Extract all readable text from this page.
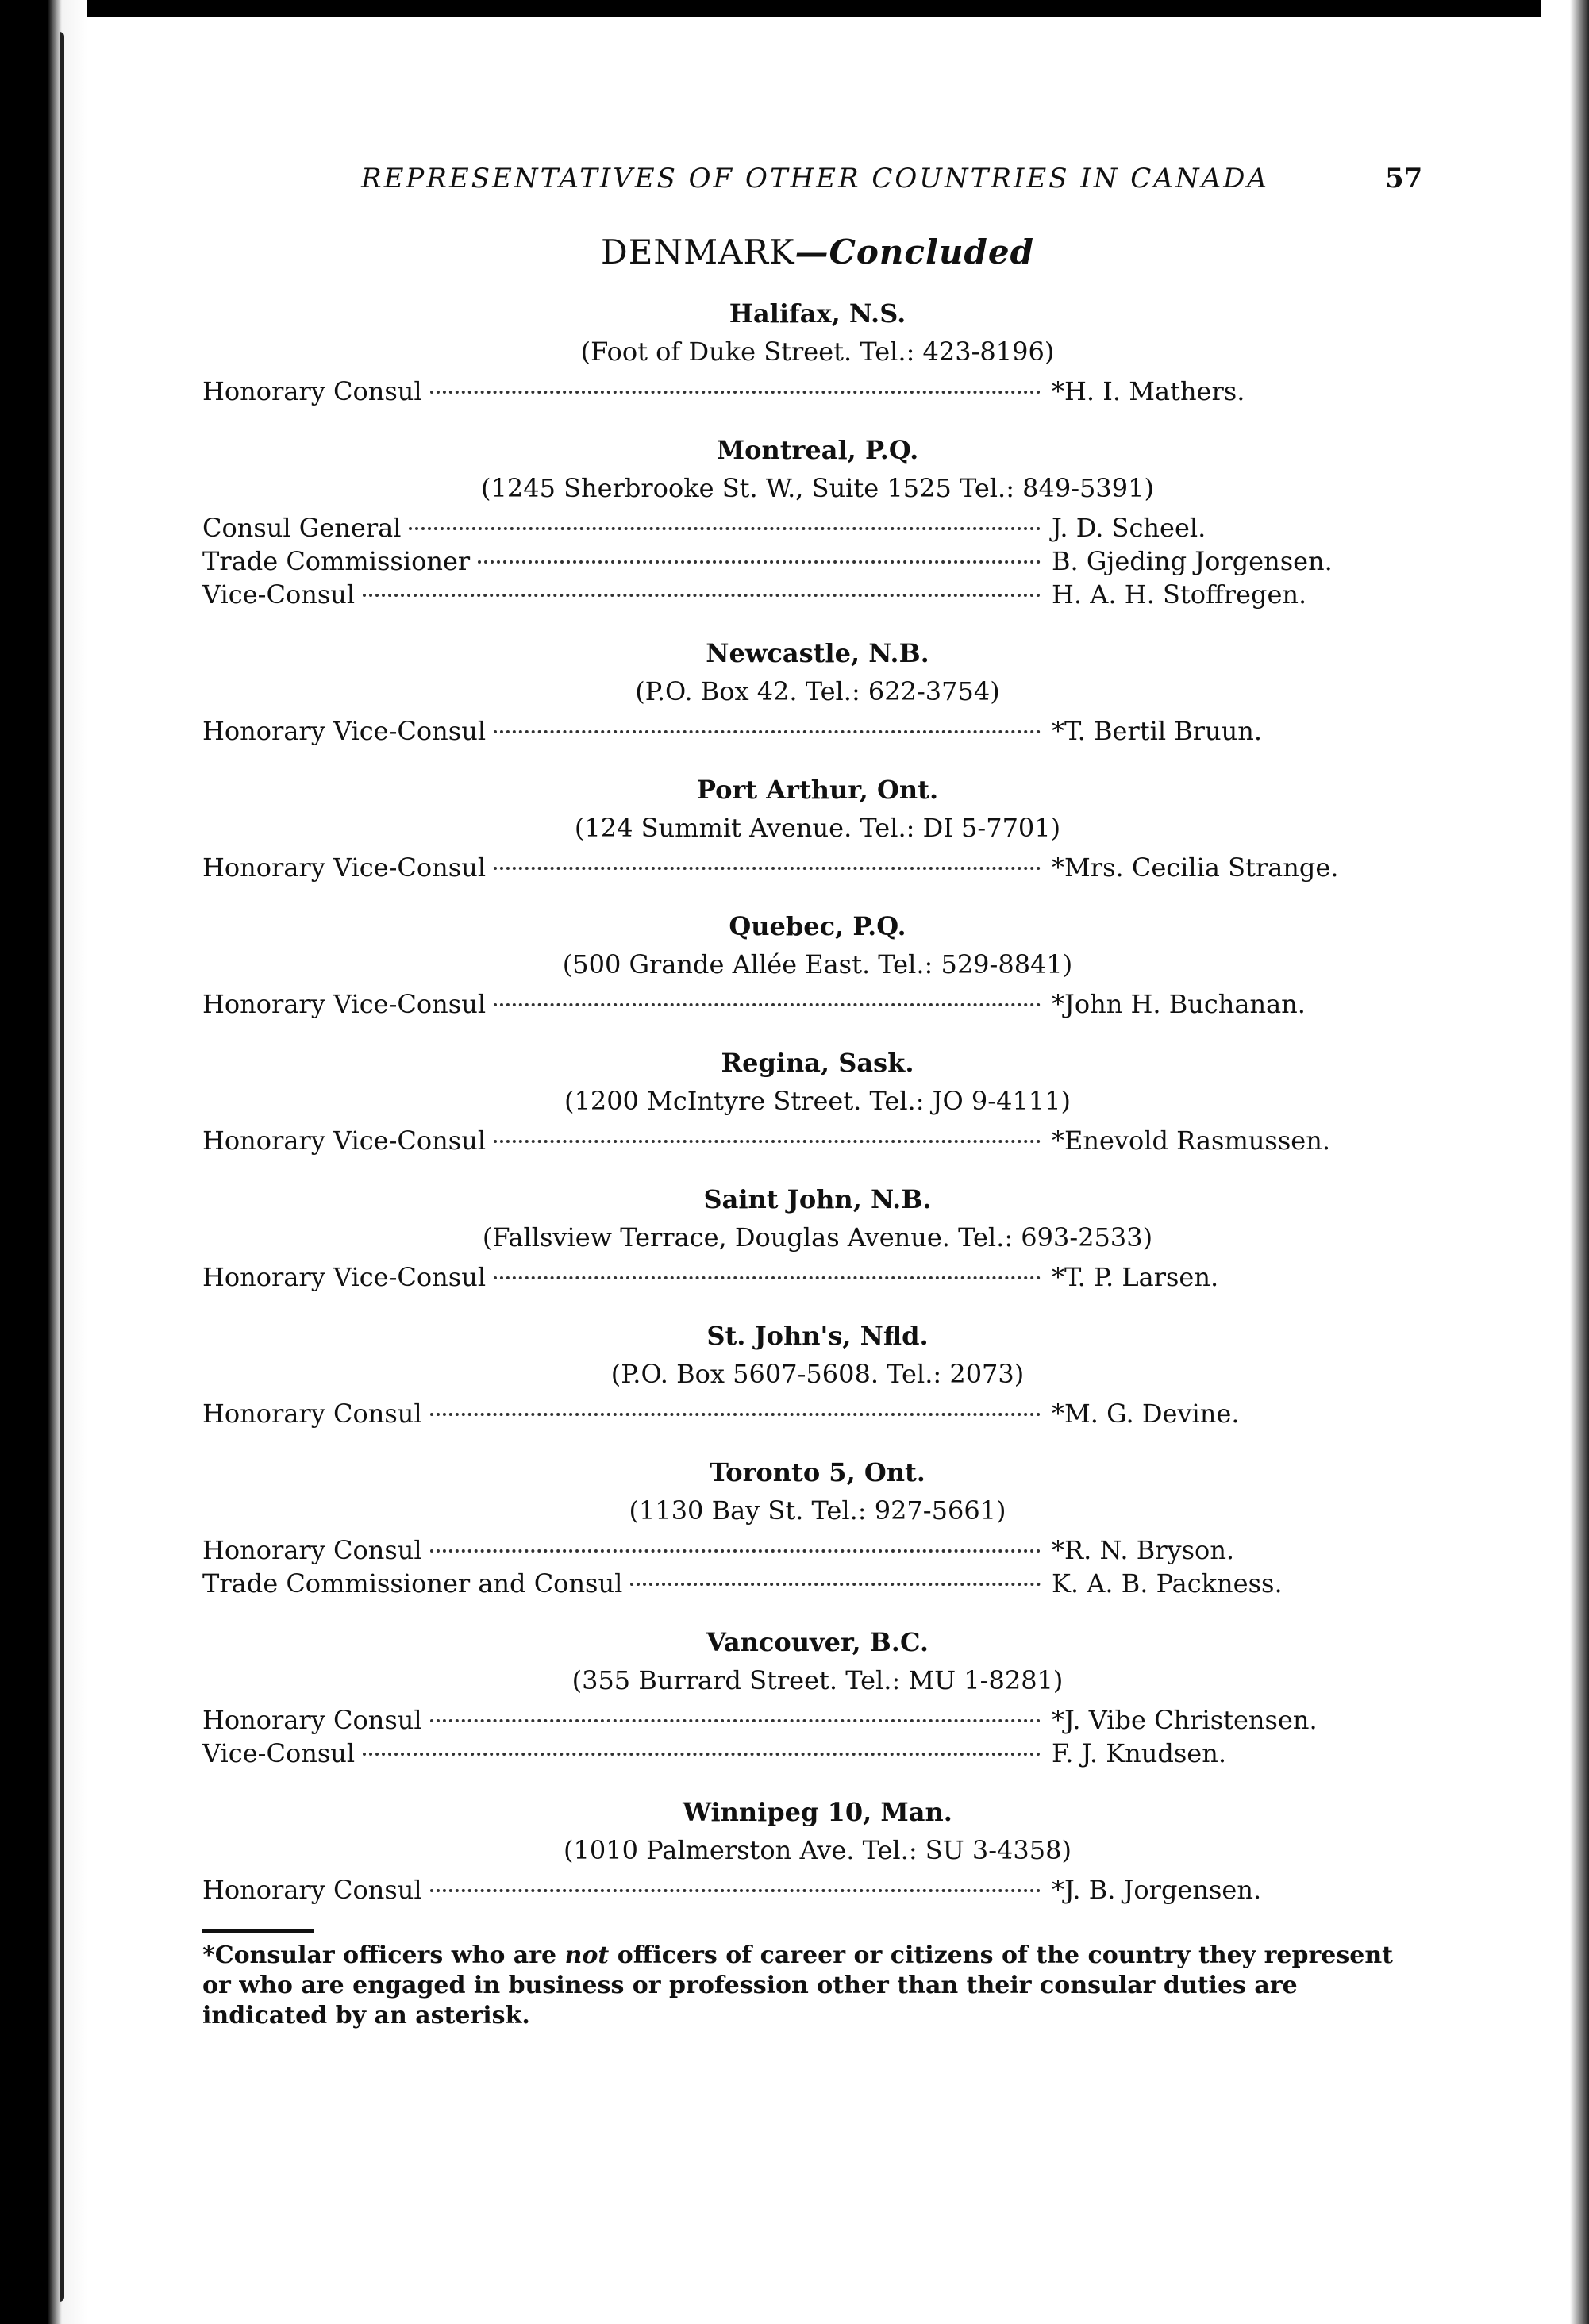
REPRESENTATIVES OF OTHER COUNTRIES IN CANADA	57
DENMARK—Concluded
Halifax, N.S.
(Foot of Duke Street. Tel.: 423-8196)
Honorary Consul	*H. I. Mathers.
Montreal, P.Q.
(1245 Sherbrooke St. W., Suite 1525 Tel.: 849-5391)
Consul General	J. D. Scheel.
Trade Commissioner	B. Gjeding Jorgensen.
Vice-Consul	H. A. H. Stoffregen.
Newcastle, N.B.
(P.O. Box 42. Tel.: 622-3754)
Honorary Vice-Consul	*T. Bertil Bruun.
Port Arthur, Ont.
(124 Summit Avenue. Tel.: DI 5-7701)
Honorary Vice-Consul	*Mrs. Cecilia Strange.
Quebec, P.Q.
(500 Grande Allée East. Tel.: 529-8841)
Honorary Vice-Consul	*John H. Buchanan.
Regina, Sask.
(1200 McIntyre Street. Tel.: JO 9-4111)
Honorary Vice-Consul	*Enevold Rasmussen.
Saint John, N.B.
(Fallsview Terrace, Douglas Avenue. Tel.: 693-2533)
Honorary Vice-Consul	*T. P. Larsen.
St. John's, Nfld.
(P.O. Box 5607-5608. Tel.: 2073)
Honorary Consul	*M. G. Devine.
Toronto 5, Ont.
(1130 Bay St. Tel.: 927-5661)
Honorary Consul	*R. N. Bryson.
Trade Commissioner and Consul	K. A. B. Packness.
Vancouver, B.C.
(355 Burrard Street. Tel.: MU 1-8281)
Honorary Consul	*J. Vibe Christensen.
Vice-Consul	F. J. Knudsen.
Winnipeg 10, Man.
(1010 Palmerston Ave. Tel.: SU 3-4358)
Honorary Consul	*J. B. Jorgensen.
*Consular officers who are not officers of career or citizens of the country they represent or who are engaged in business or profession other than their consular duties are indicated by an asterisk.
